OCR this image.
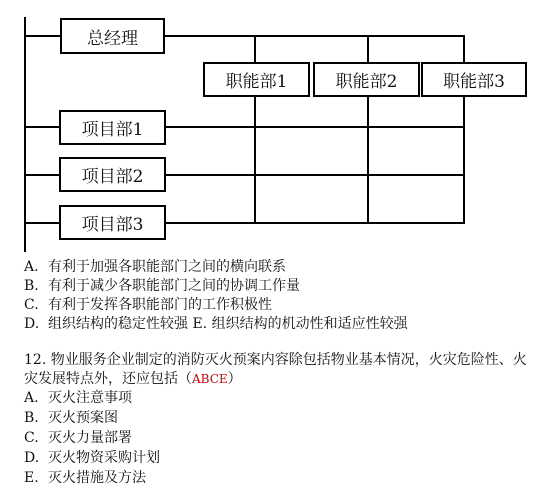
总经理
职能部1	职能部2	职能部3
项目部1
项目部2
项目部3
A. 有利于加强各职能部门之间的横向联系
B. 有利于减少各职能部门之间的协调工作量
C. 有利于发挥各职能部门的工作积极性
D. 组织结构的稳定性较强 E. 组织结构的机动性和适应性较强
12. 物业服务企业制定的消防灭火预案内容除包括物业基本情况，火灾危险性、火
灾发展特点外，还应包括（ABCE）
A. 灭火注意事项
B. 灭火预案图
C. 灭火力量部署
D. 灭火物资采购计划
E. 灭火措施及方法
